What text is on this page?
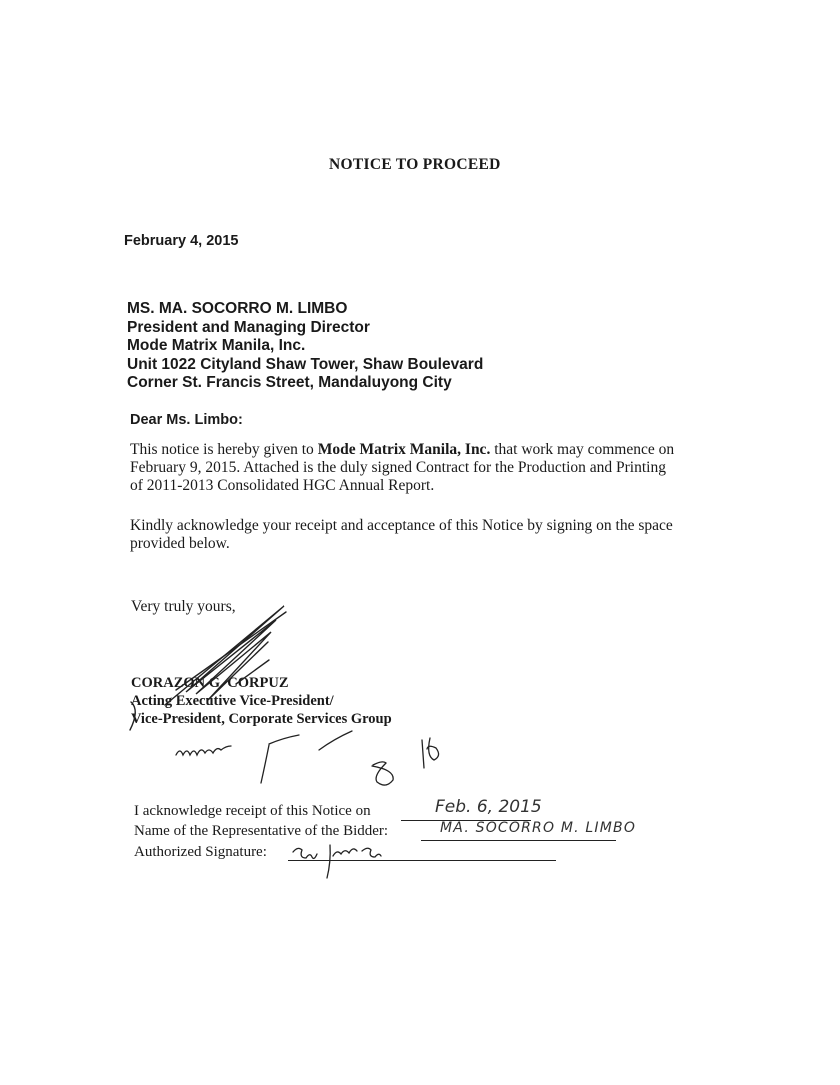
NOTICE TO PROCEED
February 4, 2015
MS. MA. SOCORRO M. LIMBO
President and Managing Director
Mode Matrix Manila, Inc.
Unit 1022 Cityland Shaw Tower, Shaw Boulevard
Corner St. Francis Street, Mandaluyong City
Dear Ms. Limbo:
This notice is hereby given to Mode Matrix Manila, Inc. that work may commence on
February 9, 2015. Attached is the duly signed Contract for the Production and Printing
of 2011-2013 Consolidated HGC Annual Report.
Kindly acknowledge your receipt and acceptance of this Notice by signing on the space
provided below.
Very truly yours,
CORAZON G. CORPUZ
Acting Executive Vice-President/
Vice-President, Corporate Services Group
I acknowledge receipt of this Notice on	Feb. 6, 2015
Name of the Representative of the Bidder:	MA. SOCORRO M. LIMBO
Authorized Signature:
